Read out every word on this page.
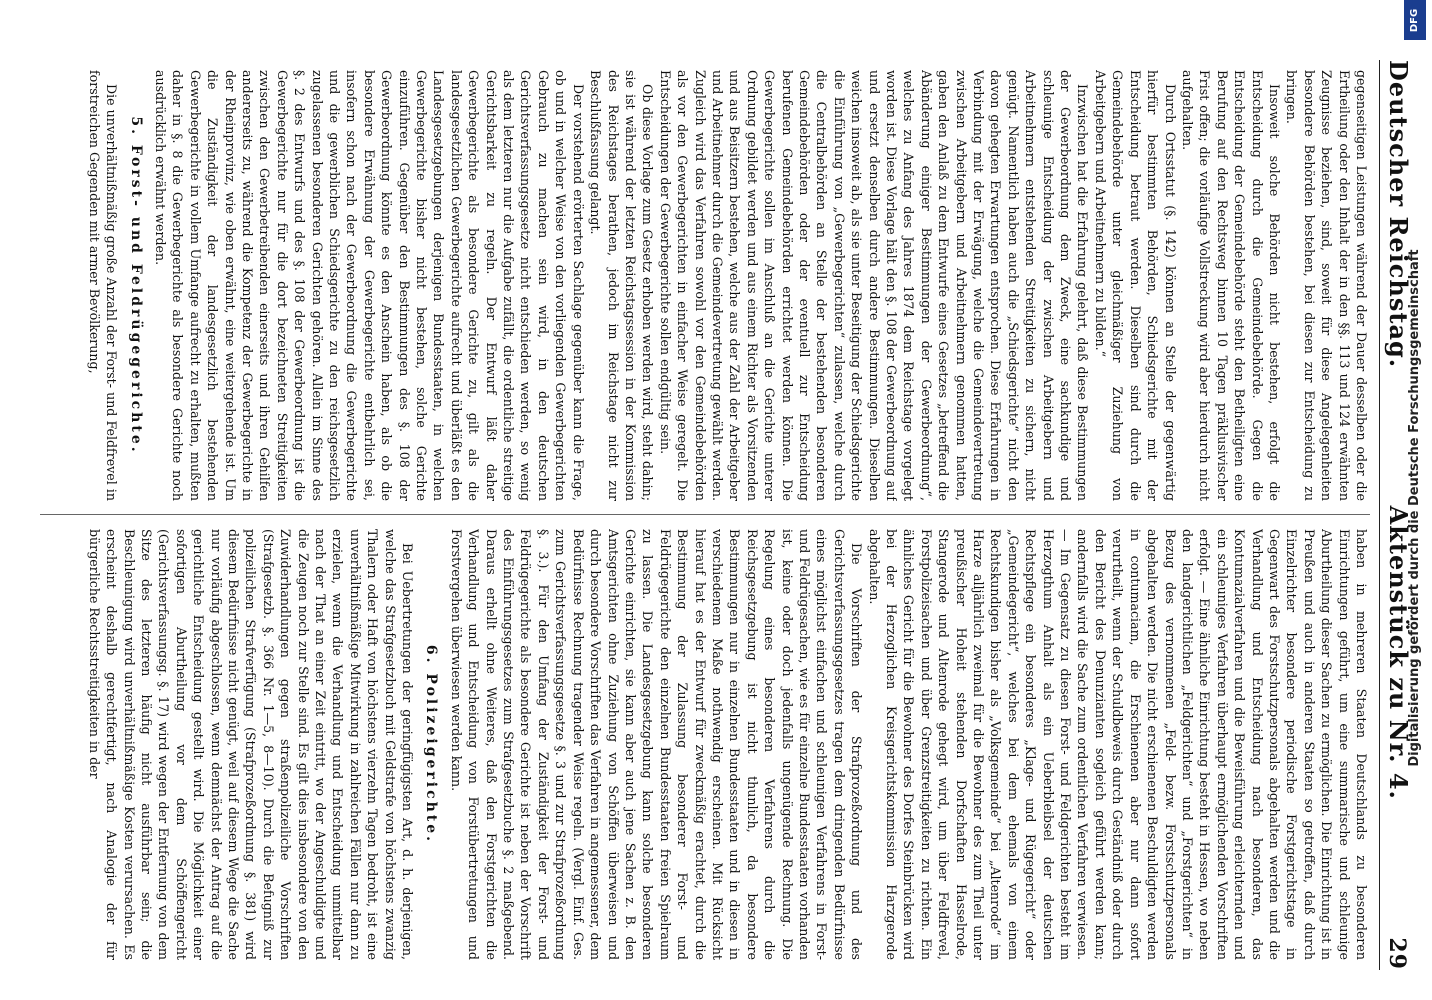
Deutscher Reichstag.
Aktenstück zu Nr. 4.
29

gegenseitigen Leistungen während der Dauer desselben oder die Ertheilung oder den Inhalt der in den §§. 113 und 124 erwähnten Zeugnisse beziehen, sind, soweit für diese Angelegenheiten besondere Behörden bestehen, bei diesen zur Entscheidung zu bringen.

Insoweit solche Behörden nicht bestehen, erfolgt die Entscheidung durch die Gemeindebehörde. Gegen die Entscheidung der Gemeindebehörde steht den Betheiligten eine Berufung auf den Rechtsweg binnen 10 Tagen präklusivischer Frist offen; die vorläufige Vollstreckung wird aber hierdurch nicht aufgehalten.

Durch Ortsstatut (§. 142) können an Stelle der gegenwärtig hierfür bestimmten Behörden, Schiedsgerichte mit der Entscheidung betraut werden. Dieselben sind durch die Gemeindebehörde unter gleichmäßiger Zuziehung von Arbeitgebern und Arbeitnehmern zu bilden.“

Inzwischen hat die Erfahrung gelehrt, daß diese Bestimmungen der Gewerbeordnung dem Zweck, eine sachkundige und schleunige Entscheidung der zwischen Arbeitgebern und Arbeitnehmern entstehenden Streitigkeiten zu sichern, nicht genügt. Namentlich haben auch die „Schiedsgerichte“ nicht den davon gehegten Erwartungen entsprochen. Diese Erfahrungen in Verbindung mit der Erwägung, welche die Gemeindevertretung zwischen Arbeitgebern und Arbeitnehmern genommen hatten, gaben den Anlaß zu dem Entwurfe eines Gesetzes „betreffend die Abänderung einiger Bestimmungen der Gewerbeordnung“, welches zu Anfang des Jahres 1874 dem Reichstage vorgelegt worden ist. Diese Vorlage hält den §. 108 der Gewerbeordnung auf und ersetzt denselben durch andere Bestimmungen. Dieselben weichen insoweit ab, als sie unter Beseitigung der Schiedsgerichte die Einführung von „Gewerbegerichten“ zulassen, welche durch die Centralbehörden an Stelle der bestehenden besonderen Gemeindebehörden oder der eventuell zur Entscheidung berufenen Gemeindebehörden errichtet werden können. Die Gewerbegerichte sollen im Anschluß an die Gerichte unterer Ordnung gebildet werden und aus einem Richter als Vorsitzenden und aus Beisitzern bestehen, welche aus der Zahl der Arbeitgeber und Arbeitnehmer durch die Gemeindevertretung gewählt werden. Zugleich wird das Verfahren sowohl vor den Gemeindebehörden als vor den Gewerbegerichten in einfacher Weise geregelt. Die Entscheidungen der Gewerbegerichte sollen endgültig sein.

Ob diese Vorlage zum Gesetz erhoben werden wird, steht dahin; sie ist während der letzten Reichstagssession in der Kommission des Reichstages berathen, jedoch im Reichstage nicht zur Beschlußfassung gelangt.

Der vorstehend erörterten Sachlage gegenüber kann die Frage, ob und in welcher Weise von den vorliegenden Gewerbegerichten Gebrauch zu machen sein wird, in den deutschen Gerichtsverfassungsgesetze nicht entschieden werden, so wenig als dem letzteren nur die Aufgabe zufällt, die ordentliche streitige Gerichtsbarkeit zu regeln. Der Entwurf läßt daher Gewerbegerichte als besondere Gerichte zu, gilt als die landesgesetzlichen Gewerbegerichte aufrecht und überläßt es den Landesgesetzgebungen derjenigen Bundesstaaten, in welchen Gewerbegerichte bisher nicht bestehen, solche Gerichte einzuführen. Gegenüber den Bestimmungen des §. 108 der Gewerbeordnung könnte es den Anschein haben, als ob die besondere Erwähnung der Gewerbegerichte entbehrlich sei, insofern schon nach der Gewerbeordnung die Gewerbegerichte und die gewerblichen Schiedsgerichte zu den reichsgesetzlich zugelassenen besonderen Gerichten gehören. Allein im Sinne des §. 2 des Entwurfs und des §. 108 der Gewerbeordnung ist die Gewerbegerichte nur für die dort bezeichneten Streitigkeiten zwischen den Gewerbetreibenden einerseits und ihren Gehilfen andererseits zu, während die Kompetenz der Gewerbegerichte in der Rheinprovinz, wie oben erwähnt, eine weitergehende ist. Um die Zuständigkeit der landesgesetzlich bestehenden Gewerbegerichte in vollem Umfange aufrecht zu erhalten, mußten daher in §. 8 die Gewerbegerichte als besondere Gerichte noch ausdrücklich erwähnt werden.

5. Forst- und Feldrügegerichte.

Die unverhältnißmäßig große Anzahl der Forst- und Feldfrevel in forstreichen Gegenden mit armer Bevölkerung,

haben in mehreren Staaten Deutschlands zu besonderen Einrichtungen geführt, um eine summarische und schleunige Aburtheilung dieser Sachen zu ermöglichen. Die Einrichtung ist in Preußen und auch in anderen Staaten so getroffen, daß durch Einzelrichter besondere periodische Forstgerichtstage in Gegenwart des Forstschutzpersonals abgehalten werden und die Verhandlung und Entscheidung nach besonderen, das Kontumazialverfahren und die Beweisführung erleichternden und ein schleuniges Verfahren überhaupt ermöglichenden Vorschriften erfolgt. — Eine ähnliche Einrichtung besteht in Hessen, wo neben den landgerichtlichen „Feldgerichten“ und „Forstgerichten“ in Bezug des vernommenen „Feld- bezw. Forstschutzpersonals abgehalten werden. Die nicht erschienenen Beschuldigten werden in contumaciam, die Erschienenen aber nur dann sofort verurtheilt, wenn der Schuldbeweis durch Geständniß oder durch den Bericht des Denunzianten sogleich geführt werden kann; andernfalls wird die Sache zum ordentlichen Verfahren verwiesen. — Im Gegensatz zu diesen Forst- und Feldgerichten besteht im Herzogthum Anhalt als ein Ueberbleibsel der deutschen Rechtspflege ein besonderes „Klage- und Rügegericht“ oder „Gemeindegericht“, welches bei dem ehemals von einem Rechtskundigen bisher als „Volksgemeinde“ bei „Altenrode“ im Harze alljährlich zweimal für die Bewohner des zum Theil unter preußischer Hoheit stehenden Dorfschaften Hasselrode, Stangerode und Altenrode gehegt wird, um über Feldfrevel, Forstpolizeisachen und über Grenzstreitigkeiten zu richten. Ein ähnliches Gericht für die Bewohner des Dorfes Steinbrücken wird bei der Herzoglichen Kreisgerichtskommission Harzgerode abgehalten.

Die Vorschriften der Strafprozeßordnung und des Gerichtsverfassungsgesetzes tragen dem dringenden Bedürfnisse eines möglichst einfachen und schleunigen Verfahrens in Forst- und Feldrügesachen, wie es für einzelne Bundesstaaten vorhanden ist, keine oder doch jedenfalls ungenügende Rechnung. Die Regelung eines besonderen Verfahrens durch die Reichsgesetzgebung ist nicht thunlich, da besondere Bestimmungen nur in einzelnen Bundesstaaten und in diesen in verschiedenem Maße nothwendig erscheinen. Mit Rücksicht hierauf hat es der Entwurf für zweckmäßig erachtet, durch die Bestimmung der Zulassung besonderer Forst- und Feldrügegerichte den einzelnen Bundesstaaten freien Spielraum zu lassen. Die Landesgesetzgebung kann solche besonderen Gerichte einrichten, sie kann aber auch jene Sachen z. B. den Amtsgerichten ohne Zuziehung von Schöffen überweisen und durch besondere Vorschriften das Verfahren in angemessener, dem Bedürfnisse Rechnung tragender Weise regeln. (Vergl. Einf. Ges. zum Gerichtsverfassungsgesetze §. 3 und zur Strafprozeßordnung §. 3.). Für den Umfang der Zuständigkeit der Forst- und Feldrügegerichte als besondere Gerichte ist neben der Vorschrift des Einführungsgesetzes zum Strafgesetzbuche §. 2 maßgebend. Daraus erhellt ohne Weiteres, daß den Forstgerichten die Verhandlung und Entscheidung von Forstübertretungen und Forstvergehen überwiesen werden kann.

6. Polizeigerichte.

Bei Uebertretungen der geringfügigsten Art, d. h. derjenigen, welche das Strafgesetzbuch mit Geldstrafe von höchstens zwanzig Thalern oder Haft von höchstens vierzehn Tagen bedroht, ist eine unverhältnißmäßige Mitwirkung in zahlreichen Fällen nur dann zu erzielen, wenn die Verhandlung und Entscheidung unmittelbar nach der That an einer Zeit eintritt, wo der Angeschuldigte und die Zeugen noch zur Stelle sind. Es gilt dies insbesondere von den Zuwiderhandlungen gegen straßenpolizeiliche Vorschriften (Strafgesetzb. §. 366 Nr. 1—5, 8—10). Durch die Befugniß zur polizeilichen Strafverfügung (Strafprozeßordnung §. 381) wird diesem Bedürfnisse nicht genügt, weil auf diesem Wege die Sache nur vorläufig abgeschlossen, wenn demnächst der Antrag auf die gerichtliche Entscheidung gestellt wird. Die Möglichkeit einer sofortigen Aburtheilung vor dem Schöffengericht (Gerichtsverfassungsg. §. 17) wird wegen der Entfernung von dem Sitze des letzteren häufig nicht ausführbar sein; die Beschleunigung wird unverhältnißmäßige Kosten verursachen. Es erscheint deshalb gerechtfertigt, nach Analogie der für bürgerliche Rechtsstreitigkeiten in der

DFG
Digitalisierung gefördert durch die Deutsche Forschungsgemeinschaft
